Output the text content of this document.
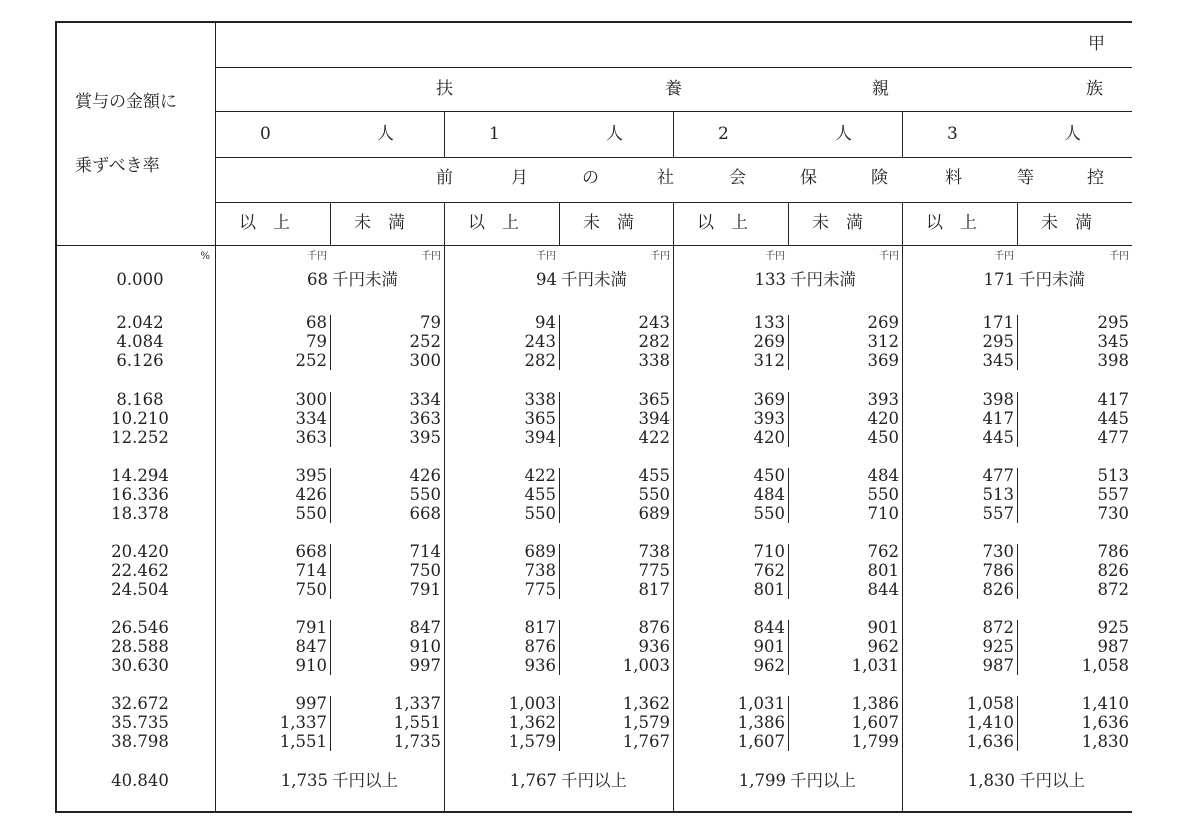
甲
賞与の金額に
乗ずべき率
扶	養	親	族
0	人	1	人	2	人	3	人
前	月	の	社	会	保	険	料	等	控
以　上	未　満	以　上	未　満	以　上	未　満	以　上	未　満
%	千円	千円	千円	千円	千円	千円	千円	千円
0.000	68 千円未満	94 千円未満	133 千円未満	171 千円未満
2.042	68	79	94	243	133	269	171	295
4.084	79	252	243	282	269	312	295	345
6.126	252	300	282	338	312	369	345	398
8.168	300	334	338	365	369	393	398	417
10.210	334	363	365	394	393	420	417	445
12.252	363	395	394	422	420	450	445	477
14.294	395	426	422	455	450	484	477	513
16.336	426	550	455	550	484	550	513	557
18.378	550	668	550	689	550	710	557	730
20.420	668	714	689	738	710	762	730	786
22.462	714	750	738	775	762	801	786	826
24.504	750	791	775	817	801	844	826	872
26.546	791	847	817	876	844	901	872	925
28.588	847	910	876	936	901	962	925	987
30.630	910	997	936	1,003	962	1,031	987	1,058
32.672	997	1,337	1,003	1,362	1,031	1,386	1,058	1,410
35.735	1,337	1,551	1,362	1,579	1,386	1,607	1,410	1,636
38.798	1,551	1,735	1,579	1,767	1,607	1,799	1,636	1,830
40.840	1,735 千円以上	1,767 千円以上	1,799 千円以上	1,830 千円以上
